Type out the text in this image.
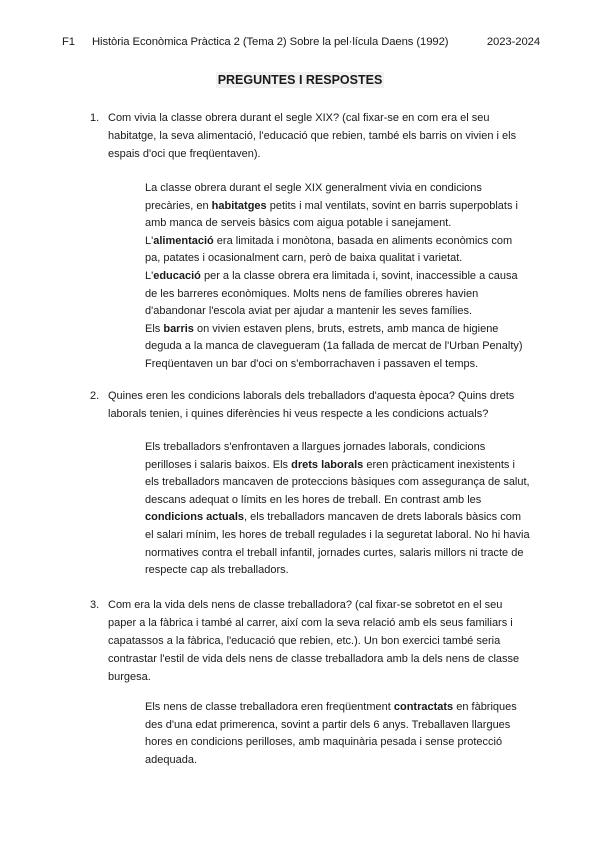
F1	Història Econòmica Pràctica 2 (Tema 2) Sobre la pel·lícula Daens (1992)	2023-2024
PREGUNTES I RESPOSTES
1. Com vivia la classe obrera durant el segle XIX? (cal fixar-se en com era el seu habitatge, la seva alimentació, l'educació que rebien, també els barris on vivien i els espais d'oci que freqüentaven).

La classe obrera durant el segle XIX generalment vivia en condicions precàries, en habitatges petits i mal ventilats, sovint en barris superpoblats i amb manca de serveis bàsics com aigua potable i sanejament.

L'alimentació era limitada i monòtona, basada en aliments econòmics com pa, patates i ocasionalment carn, però de baixa qualitat i varietat.

L'educació per a la classe obrera era limitada i, sovint, inaccessible a causa de les barreres econòmiques. Molts nens de famílies obreres havien d'abandonar l'escola aviat per ajudar a mantenir les seves famílies.

Els barris on vivien estaven plens, bruts, estrets, amb manca de higiene deguda a la manca de clavegueram (1a fallada de mercat de l'Urban Penalty) Freqüentaven un bar d'oci on s'emborrachaven i passaven el temps.

2. Quines eren les condicions laborals dels treballadors d'aquesta època? Quins drets laborals tenien, i quines diferències hi veus respecte a les condicions actuals?

Els treballadors s'enfrontaven a llargues jornades laborals, condicions perilloses i salaris baixos. Els drets laborals eren pràcticament inexistents i els treballadors mancaven de proteccions bàsiques com assegurança de salut, descans adequat o límits en les hores de treball. En contrast amb les condicions actuals, els treballadors mancaven de drets laborals bàsics com el salari mínim, les hores de treball regulades i la seguretat laboral. No hi havia normatives contra el treball infantil, jornades curtes, salaris millors ni tracte de respecte cap als treballadors.

3. Com era la vida dels nens de classe treballadora? (cal fixar-se sobretot en el seu paper a la fàbrica i també al carrer, així com la seva relació amb els seus familiars i capatassos a la fàbrica, l'educació que rebien, etc.). Un bon exercici també seria contrastar l'estil de vida dels nens de classe treballadora amb la dels nens de classe burgesa.

Els nens de classe treballadora eren freqüentment contractats en fàbriques des d'una edat primerenca, sovint a partir dels 6 anys. Treballaven llargues hores en condicions perilloses, amb maquinària pesada i sense protecció adequada.
